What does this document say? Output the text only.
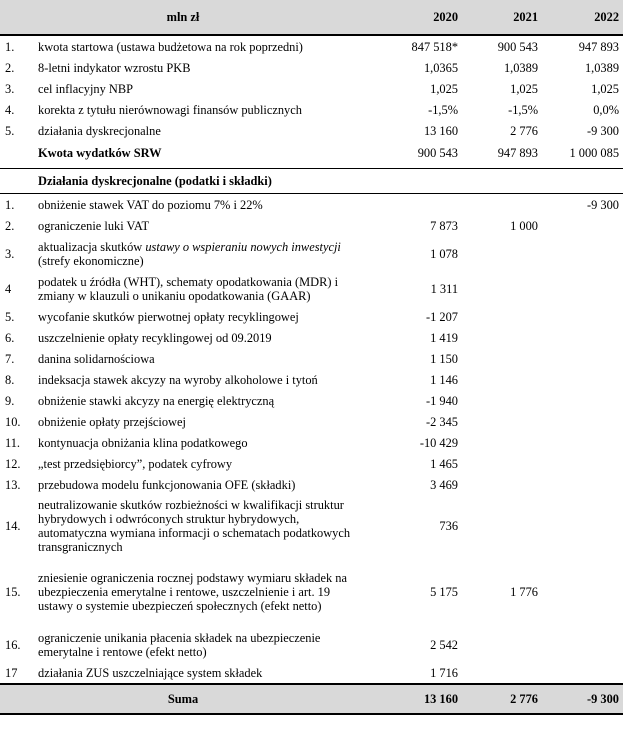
mln zł		2020	2021	2022
1.	kwota startowa (ustawa budżetowa na rok poprzedni)	847 518*	900 543	947 893
2.	8-letni indykator wzrostu PKB	1,0365	1,0389	1,0389
3.	cel inflacyjny NBP	1,025	1,025	1,025
4.	korekta z tytułu nierównowagi finansów publicznych	-1,5%	-1,5%	0,0%
5.	działania dyskrecjonalne	13 160	2 776	-9 300
	Kwota wydatków SRW	900 543	947 893	1 000 085

	Działania dyskrecjonalne (podatki i składki)			
1.	obniżenie stawek VAT do poziomu 7% i 22%			-9 300
2.	ograniczenie luki VAT	7 873	1 000	
3.	aktualizacja skutków ustawy o wspieraniu nowych inwestycji (strefy ekonomiczne)	1 078		
4	podatek u źródła (WHT), schematy opodatkowania (MDR) i zmiany w klauzuli o unikaniu opodatkowania (GAAR)	1 311		
5.	wycofanie skutków pierwotnej opłaty recyklingowej	-1 207		
6.	uszczelnienie opłaty recyklingowej od 09.2019	1 419		
7.	danina solidarnościowa	1 150		
8.	indeksacja stawek akcyzy na wyroby alkoholowe i tytoń	1 146		
9.	obniżenie stawki akcyzy na energię elektryczną	-1 940		
10.	obniżenie opłaty przejściowej	-2 345		
11.	kontynuacja obniżania klina podatkowego	-10 429		
12.	„test przedsiębiorcy”, podatek cyfrowy	1 465		
13.	przebudowa modelu funkcjonowania OFE (składki)	3 469		
14.	neutralizowanie skutków rozbieżności w kwalifikacji struktur hybrydowych i odwróconych struktur hybrydowych, automatyczna wymiana informacji o schematach podatkowych transgranicznych	736		
15.	zniesienie ograniczenia rocznej podstawy wymiaru składek na ubezpieczenia emerytalne i rentowe, uszczelnienie i art. 19 ustawy o systemie ubezpieczeń społecznych (efekt netto)	5 175	1 776	
16.	ograniczenie unikania płacenia składek na ubezpieczenie emerytalne i rentowe (efekt netto)	2 542		
17	działania ZUS uszczelniające system składek	1 716		
Suma		13 160	2 776	-9 300
